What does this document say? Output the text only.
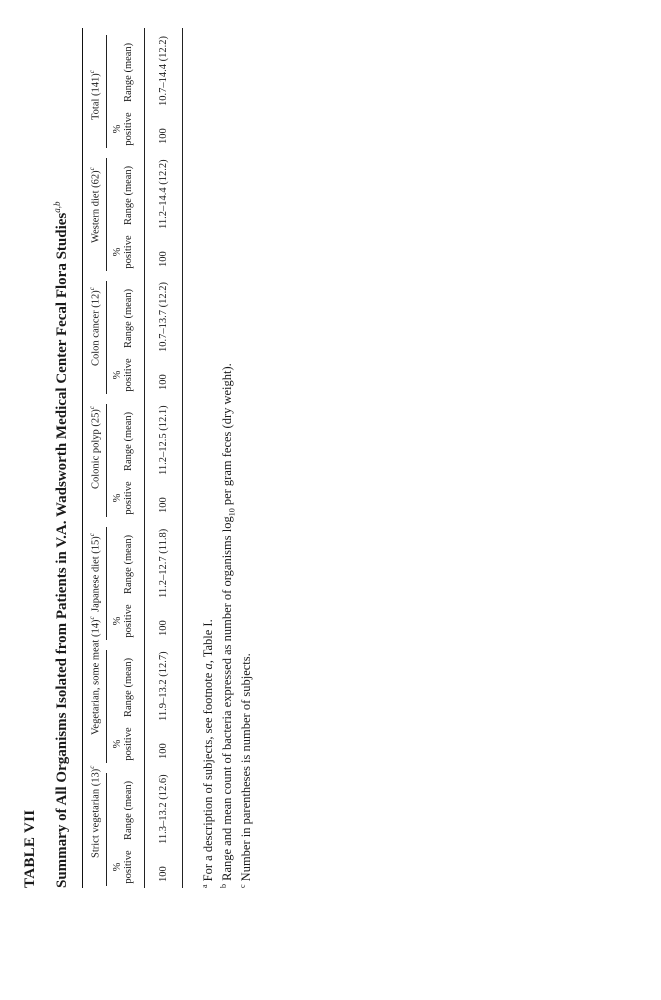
TABLE VII Summary of All Organisms Isolated from Patients in V.A. Wadsworth Medical Center Fecal Flora Studies$^{a,b}$
Strict vegetarian $(13)^c$
% positive
Range (mean)
100
11.3–13.2 (12.6)
Vegetarian, some meat $(14)^c$
% positive
Range (mean)
100
11.9–13.2 (12.7)
Japanese diet $(15)^c$
% positive
Range (mean)
100
11.2–12.7 (11.8)
Colonic polyp $(25)^c$
% positive
Range (mean)
100
11.2–12.5 (12.1)
Colon cancer $(12)^c$
% positive
Range (mean)
100
10.7–13.7 (12.2)
Western diet $(62)^c$
% positive
Range (mean)
100
11.2–14.4 (12.2)
Total $(141)^c$
% positive
Range (mean)
100
10.7–14.4 (12.2)
$^a$ For a description of subjects, see footnote a, Table I.
$^b$ Range and mean count of bacteria expressed as number of organisms $\log_{10}$ per gram feces (dry weight).
$^c$ Number in parentheses is number of subjects.
